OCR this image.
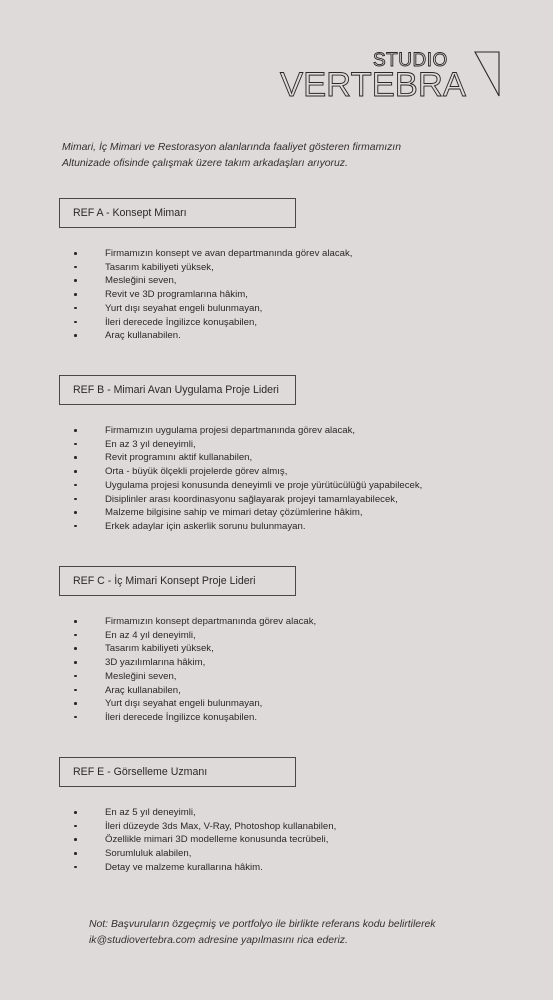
STUDIO
VERTEBRA

Mimari, İç Mimari ve Restorasyon alanlarında faaliyet gösteren firmamızın

Altunizade ofisinde çalışmak üzere takım arkadaşları arıyoruz.

REF A - Konsept Mimarı
Firmamızın konsept ve avan departmanında görev alacak,
Tasarım kabiliyeti yüksek,
Mesleğini seven,
Revit ve 3D programlarına hâkim,
Yurt dışı seyahat engeli bulunmayan,
İleri derecede İngilizce konuşabilen,
Araç kullanabilen.
REF B - Mimari Avan Uygulama Proje Lideri
Firmamızın uygulama projesi departmanında görev alacak,
En az 3 yıl deneyimli,
Revit programını aktif kullanabilen,
Orta - büyük ölçekli projelerde görev almış,
Uygulama projesi konusunda deneyimli ve proje yürütücülüğü yapabilecek,
Disiplinler arası koordinasyonu sağlayarak projeyi tamamlayabilecek,
Malzeme bilgisine sahip ve mimari detay çözümlerine hâkim,
Erkek adaylar için askerlik sorunu bulunmayan.
REF C - İç Mimari Konsept Proje Lideri
Firmamızın konsept departmanında görev alacak,
En az 4 yıl deneyimli,
Tasarım kabiliyeti yüksek,
3D yazılımlarına hâkim,
Mesleğini seven,
Araç kullanabilen,
Yurt dışı seyahat engeli bulunmayan,
İleri derecede İngilizce konuşabilen.
REF E - Görselleme Uzmanı
En az 5 yıl deneyimli,
İleri düzeyde 3ds Max, V-Ray, Photoshop kullanabilen,
Özellikle mimari 3D modelleme konusunda tecrübeli,
Sorumluluk alabilen,
Detay ve malzeme kurallarına hâkim.

Not: Başvuruların özgeçmiş ve portfolyo ile birlikte referans kodu belirtilerek

ik@studiovertebra.com adresine yapılmasını rica ederiz.
